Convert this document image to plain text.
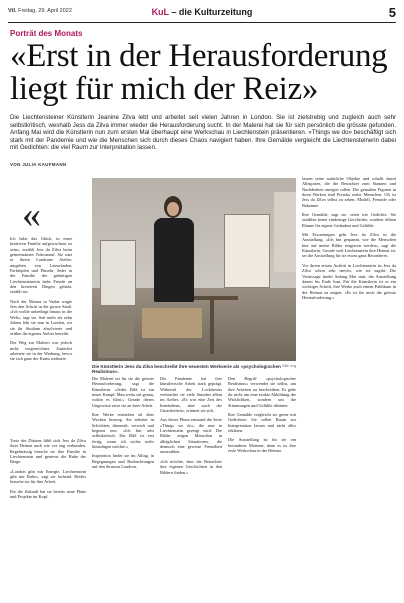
Vtl. Freitag, 29. April 2022	KuL – die Kulturzeitung	5
Porträt des Monats
«Erst in der Herausforderung liegt für mich der Reiz»
Die Liechtensteiner Künstlerin Jeanine Zilva lebt und arbeitet seit vielen Jahren in London. Sie ist zielstrebig und zugleich auch sehr selbstkritisch, weshalb Jess da Zilva immer wieder die Herausforderung sucht. In der Malerei hat sie für sich persönlich die grösste gefunden. Anfang Mai wird die Künstlerin nun zum ersten Mal überhaupt eine Werkschau in Liechtenstein präsentieren. «Things we do» beschäftigt sich stark mit der Pandemie und wie die Menschen sich durch dieses Chaos navigiert haben. Ihre Gemälde vergleicht die Liechtensteinerin dabei mit Gedichten: die viel Raum zur Interpretation lassen.
VON JULIA KAUFMANN
«
Die Künstlerin Jess da Zilva beschreibt ihre neuesten Werkserie als «psychologischen Realismus».
Bild: zvg

lassen seine natürliche Objekte und schafft damit Allegorien, die die Betrachter zum Staunen und Nachdenken anregen sollen. Die gemalten Figuren in ihren Werken sind Porträts realer Menschen. Oft ist Jess da Zilva selbst zu sehen, Modell, Freunde oder Bekannte.

Ihre Gemälde, sagt sie, seien wie Gedichte. Sie erzählen keine eindeutige Geschichte, sondern öffnen Räume für eigene Gedanken und Gefühle.

Mit Erwartungen geht Jess da Zilva in die Ausstellung. «Ich bin gespannt, wie die Menschen hier auf meine Bilder reagieren werden», sagt die Künstlerin. Gerade weil Liechtenstein ihre Heimat ist, sei die Ausstellung für sie etwas ganz Besonderes.

Vor ihrem ersten Auftritt in Liechtenstein ist Jess da Zilva schon sehr nervös, wie sie zugibt. Die Vernissage findet Anfang Mai statt, die Ausstellung dauert bis Ende Juni. Für die Künstlerin ist es ein wichtiger Schritt, ihre Werke auch einem Publikum in der Heimat zu zeigen. «Es ist für mich die grösste Herausforderung.»

Ich habe das Glück, in einer kreativen Familie aufgewachsen zu sein», erzählt Jess da Zilva beim gemeinsamen Videoanruf. Sie sitzt in ihrem Londoner Atelier, umgeben von Leinwänden, Farbtöpfen und Pinseln. Jeder in der Familie der gebürtigen Liechtensteinerin habe Freude an den kreativen Dingen gehabt, erzählt sie.

Nach der Matura in Vaduz wagte Jess den Schritt in die grosse Stadt. «Ich wollte unbedingt hinaus in die Welt», sagt sie. Seit mehr als zehn Jahren lebt sie nun in London, wo sie ihr Studium absolvierte und seither ihr eigenes Atelier betreibt.

Der Weg zur Malerei war jedoch nicht vorgezeichnet. Zunächst arbeitete sie in der Werbung, bevor sie sich ganz der Kunst widmete.

Die Malerei sei für sie die grösste Herausforderung, sagt die Künstlerin. «Jedes Bild ist ein neuer Kampf. Man weiss nie genau, wohin es führt.» Gerade dieses Ungewisse reize sie an ihrer Arbeit.

Ihre Werke entstehen oft über Wochen hinweg. Sie arbeitet in Schichten, übermalt, verwirft und beginnt neu. «Ich bin sehr selbstkritisch. Ein Bild ist erst fertig, wenn ich nichts mehr hinzufügen möchte.»

Inspiration findet sie im Alltag, in Begegnungen und Beobachtungen auf den Strassen Londons.

Die Pandemie hat ihre künstlerische Arbeit stark geprägt. Während der Lockdowns verbrachte sie viele Stunden allein im Atelier. «Es war eine Zeit des Innehaltens, aber auch der Unsicherheit», erinnert sie sich.

Aus dieser Phase entstand die Serie «Things we do», die nun in Liechtenstein gezeigt wird. Die Bilder zeigen Menschen in alltäglichen Situationen, die dennoch eine gewisse Fremdheit ausstrahlen.

«Ich möchte, dass die Betrachter ihre eigenen Geschichten in den Bildern finden.»

Den Begriff «psychologischer Realismus» verwendet sie selbst, um ihre Arbeiten zu beschreiben. Es gehe ihr nicht um eine exakte Abbildung der Wirklichkeit, sondern um die Stimmungen und Gefühle dahinter.

Ihre Gemälde vergleicht sie gerne mit Gedichten: Sie sollen Raum zur Interpretation lassen und nicht alles erklären.

Die Ausstellung ist für sie ein besonderer Moment, denn es ist ihre erste Werkschau in der Heimat.

Trotz der Distanz fühlt sich Jess da Zilva ihrer Heimat nach wie vor eng verbunden. Regelmässig besucht sie ihre Familie in Liechtenstein und geniesst die Ruhe der Berge.

«London gibt mir Energie, Liechtenstein gibt mir Ruhe», sagt sie lachend. Beides brauche sie für ihre Arbeit.

Für die Zukunft hat sie bereits neue Pläne und Projekte im Kopf.
